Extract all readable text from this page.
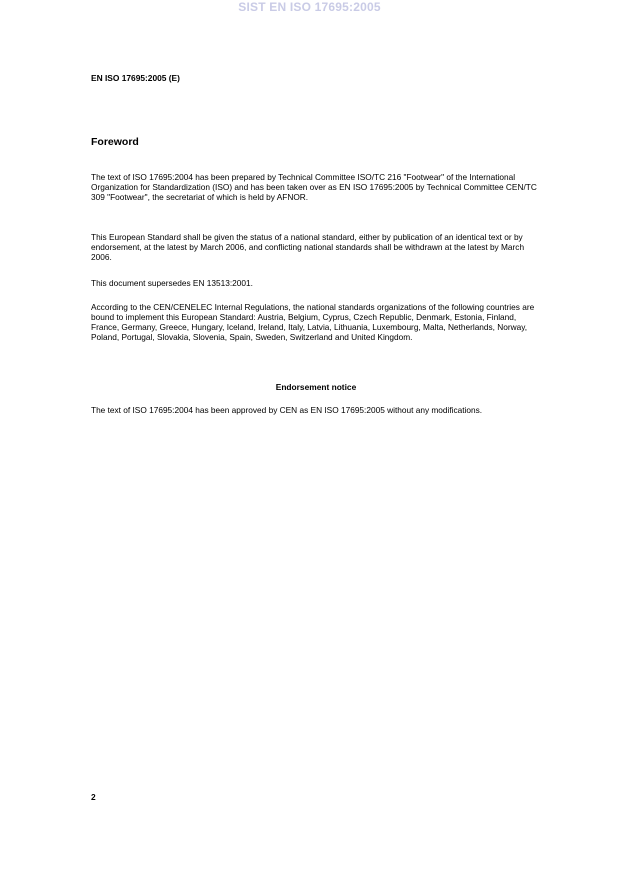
SIST EN ISO 17695:2005
EN ISO 17695:2005 (E)
Foreword
The text of ISO 17695:2004 has been prepared by Technical Committee ISO/TC 216 "Footwear" of the International Organization for Standardization (ISO) and has been taken over as EN ISO 17695:2005 by Technical Committee CEN/TC 309 "Footwear", the secretariat of which is held by AFNOR.
This European Standard shall be given the status of a national standard, either by publication of an identical text or by endorsement, at the latest by March 2006, and conflicting national standards shall be withdrawn at the latest by March 2006.
This document supersedes EN 13513:2001.
According to the CEN/CENELEC Internal Regulations, the national standards organizations of the following countries are bound to implement this European Standard: Austria, Belgium, Cyprus, Czech Republic, Denmark, Estonia, Finland, France, Germany, Greece, Hungary, Iceland, Ireland, Italy, Latvia, Lithuania, Luxembourg, Malta, Netherlands, Norway, Poland, Portugal, Slovakia, Slovenia, Spain, Sweden, Switzerland and United Kingdom.
Endorsement notice
The text of ISO 17695:2004 has been approved by CEN as EN ISO 17695:2005 without any modifications.
2
